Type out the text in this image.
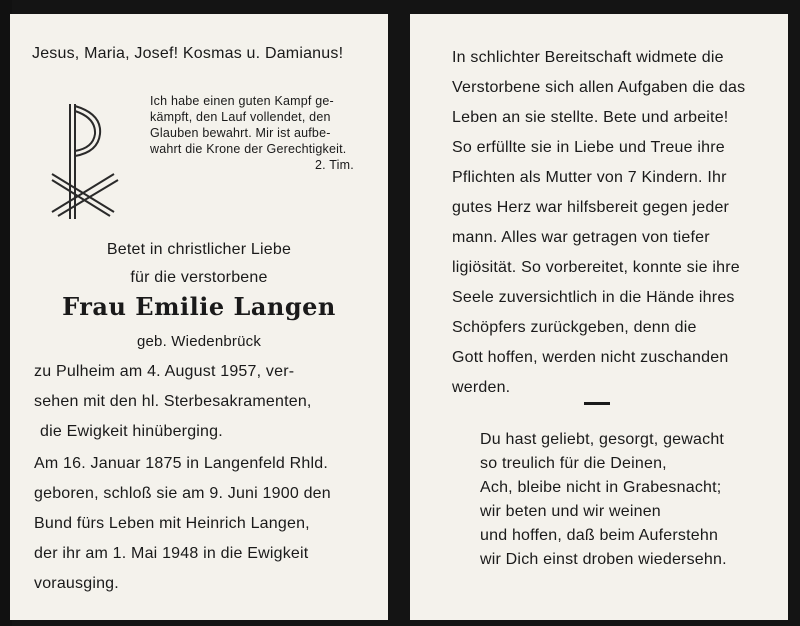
Jesus, Maria, Josef! Kosmas u. Damianus!
Ich habe einen guten Kampf ge-
kämpft, den Lauf vollendet, den
Glauben bewahrt. Mir ist aufbe-
wahrt die Krone der Gerechtigkeit.
2. Tim.
Betet in christlicher Liebe
für die verstorbene
Frau Emilie Langen
geb. Wiedenbrück
zu Pulheim am 4. August 1957, ver-
sehen mit den hl. Sterbesakramenten,
die Ewigkeit hinüberging.
Am 16. Januar 1875 in Langenfeld Rhld.
geboren, schloß sie am 9. Juni 1900 den
Bund fürs Leben mit Heinrich Langen,
der ihr am 1. Mai 1948 in die Ewigkeit
vorausging.
In schlichter Bereitschaft widmete die
Verstorbene sich allen Aufgaben die das
Leben an sie stellte. Bete und arbeite!
So erfüllte sie in Liebe und Treue ihre
Pflichten als Mutter von 7 Kindern. Ihr
gutes Herz war hilfsbereit gegen jeder
mann. Alles war getragen von tiefer
ligiösität. So vorbereitet, konnte sie ihre
Seele zuversichtlich in die Hände ihres
Schöpfers zurückgeben, denn die
Gott hoffen, werden nicht zuschanden
werden.
Du hast geliebt, gesorgt, gewacht
so treulich für die Deinen,
Ach, bleibe nicht in Grabesnacht;
wir beten und wir weinen
und hoffen, daß beim Auferstehn
wir Dich einst droben wiedersehn.
